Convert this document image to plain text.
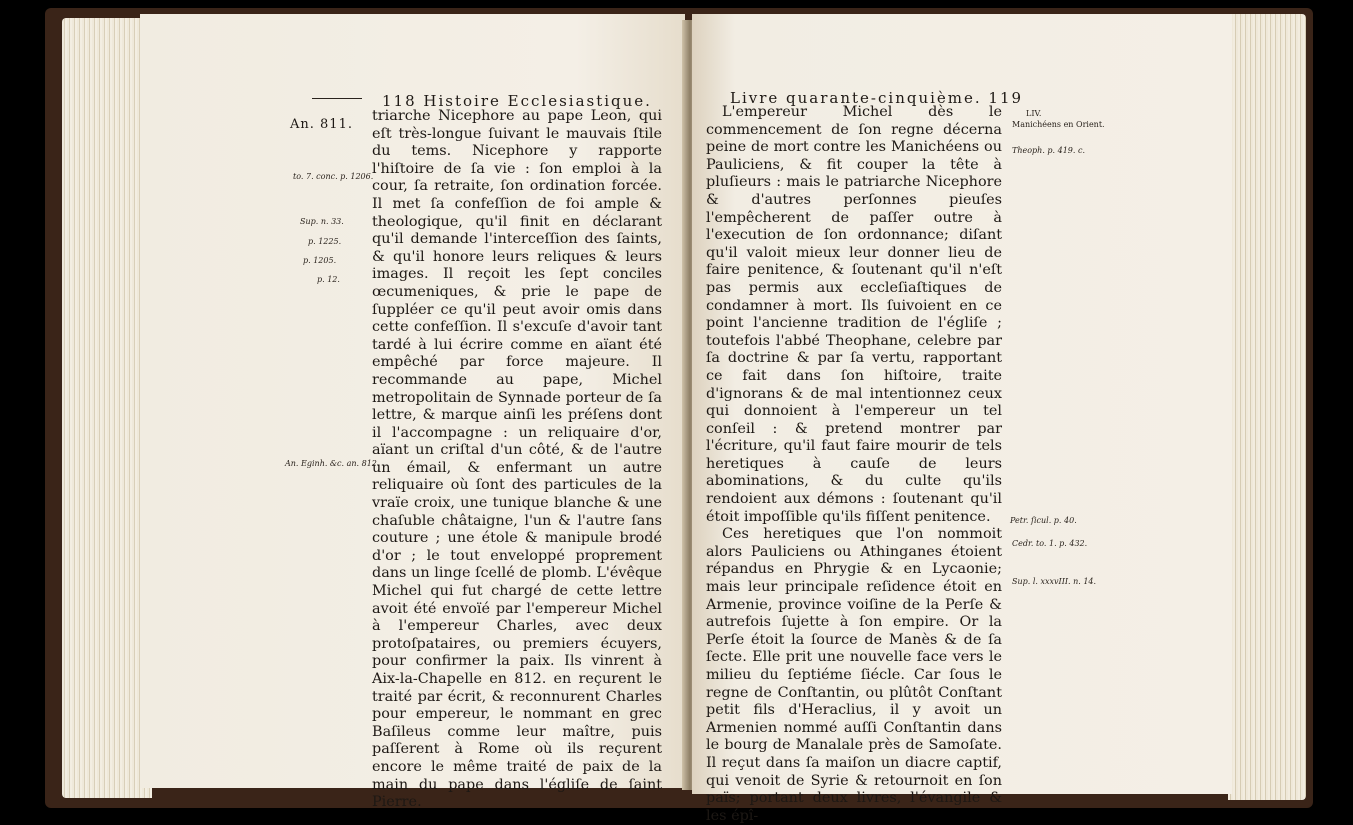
118 Histoire Ecclesiastique.
An. 811.
to. 7. conc. p. 1206.
Sup. n. 33.
p. 1225.
p. 1205.
p. 12.
An. Eginh. &c. an. 812.

triarche Nicephore au pape Leon, qui eſt très-longue ſuivant le mauvais ſtile du tems. Nicephore y rapporte l'hiſtoire de ſa vie : ſon emploi à la cour, ſa retraite, ſon ordination forcée. Il met ſa confeſſion de foi ample & theologique, qu'il finit en déclarant qu'il demande l'interceſſion des ſaints, & qu'il honore leurs reliques & leurs images. Il reçoit les ſept conciles œcumeniques, & prie le pape de ſuppléer ce qu'il peut avoir omis dans cette confeſſion. Il s'excuſe d'avoir tant tardé à lui écrire comme en aïant été empêché par force majeure. Il recommande au pape, Michel metropolitain de Synnade porteur de ſa lettre, & marque ainſi les préſens dont il l'accompagne : un reliquaire d'or, aïant un criſtal d'un côté, & de l'autre un émail, & enfermant un autre reliquaire où ſont des particules de la vraïe croix, une tunique blanche & une chaſuble châtaigne, l'un & l'autre ſans couture ; une étole & manipule brodé d'or ; le tout enveloppé proprement dans un linge ſcellé de plomb. L'évêque Michel qui fut chargé de cette lettre avoit été envoïé par l'empereur Michel à l'empereur Charles, avec deux protoſpataires, ou premiers écuyers, pour confirmer la paix. Ils vinrent à Aix-la-Chapelle en 812. en reçurent le traité par écrit, & reconnurent Charles pour empereur, le nommant en grec Baſileus comme leur maître, puis paſſerent à Rome où ils reçurent encore le même traité de paix de la main du pape dans l'égliſe de ſaint Pierre.

Livre quarante-cinquième. 119
LIV.
Manichéens en Orient.
Theoph. p. 419. c.
Petr. ſicul. p. 40.
Cedr. to. 1. p. 432.
Sup. l. xxxvIII. n. 14.

L'empereur Michel dès le commencement de ſon regne décerna peine de mort contre les Manichéens ou Pauliciens, & fit couper la tête à pluſieurs : mais le patriarche Nicephore & d'autres perſonnes pieuſes l'empêcherent de paſſer outre à l'execution de ſon ordonnance; diſant qu'il valoit mieux leur donner lieu de faire penitence, & ſoutenant qu'il n'eſt pas permis aux eccleſiaſtiques de condamner à mort. Ils ſuivoient en ce point l'ancienne tradition de l'égliſe ; toutefois l'abbé Theophane, celebre par ſa doctrine & par ſa vertu, rapportant ce fait dans ſon hiſtoire, traite d'ignorans & de mal intentionnez ceux qui donnoient à l'empereur un tel conſeil : & pretend montrer par l'écriture, qu'il faut faire mourir de tels heretiques à cauſe de leurs abominations, & du culte qu'ils rendoient aux démons : ſoutenant qu'il étoit impoſſible qu'ils fiſſent penitence.

Ces heretiques que l'on nommoit alors Pauliciens ou Athinganes étoient répandus en Phrygie & en Lycaonie; mais leur principale reſidence étoit en Armenie, province voiſine de la Perſe & autrefois ſujette à ſon empire. Or la Perſe étoit la ſource de Manès & de ſa ſecte. Elle prit une nouvelle face vers le milieu du ſeptiéme ſiécle. Car ſous le regne de Conſtantin, ou plûtôt Conſtant petit fils d'Heraclius, il y avoit un Armenien nommé auſſi Conſtantin dans le bourg de Manalale près de Samoſate. Il reçut dans ſa maiſon un diacre captif, qui venoit de Syrie & retournoit en ſon païs; portant deux livres, l'évangile & les épî-
